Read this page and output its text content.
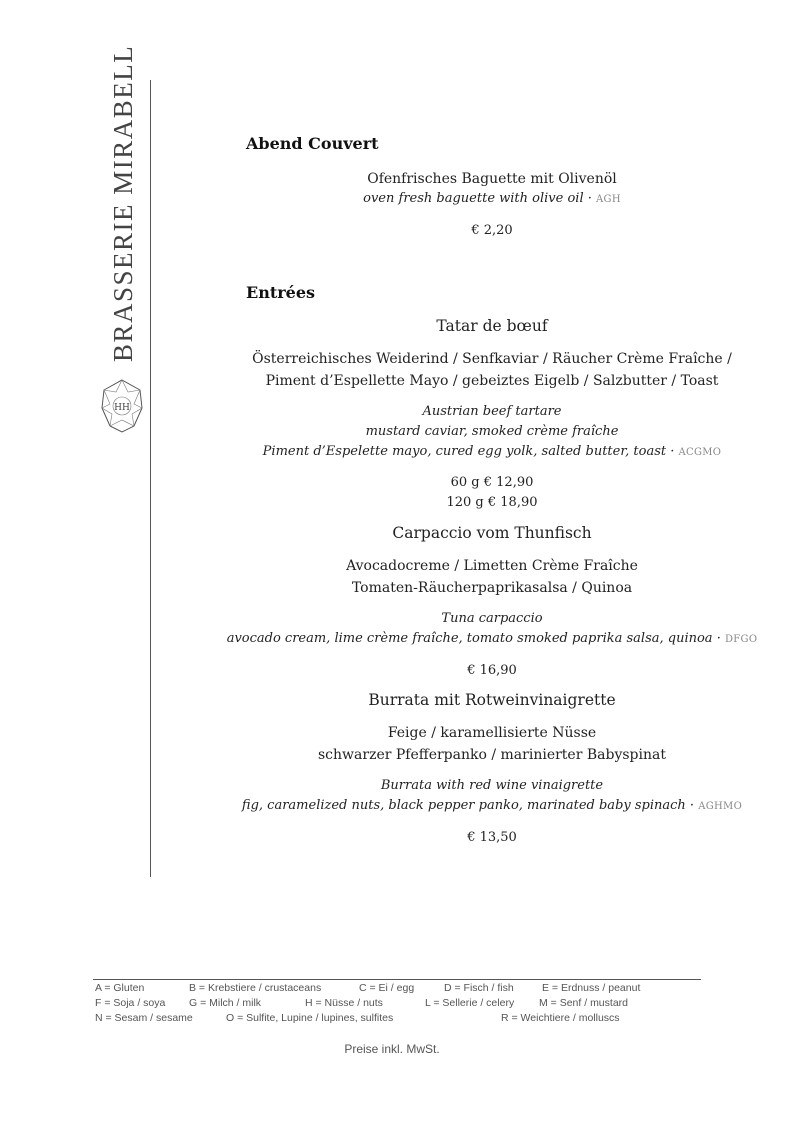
BRASSERIE MIRABELL
HH
Abend Couvert

Ofenfrisches Baguette mit Olivenöl

oven fresh baguette with olive oil · AGH

€ 2,20

Entrées

Tatar de bœuf

Österreichisches Weiderind / Senfkaviar / Räucher Crème Fraîche /

Piment d’Espellette Mayo / gebeiztes Eigelb / Salzbutter / Toast

Austrian beef tartare

mustard caviar, smoked crème fraîche

Piment d’Espelette mayo, cured egg yolk, salted butter, toast · ACGMO

60 g € 12,90

120 g € 18,90

Carpaccio vom Thunfisch

Avocadocreme / Limetten Crème Fraîche

Tomaten-Räucherpaprikasalsa / Quinoa

Tuna carpaccio

avocado cream, lime crème fraîche, tomato smoked paprika salsa, quinoa · DFGO

€ 16,90

Burrata mit Rotweinvinaigrette

Feige / karamellisierte Nüsse

schwarzer Pfefferpanko / marinierter Babyspinat

Burrata with red wine vinaigrette

fig, caramelized nuts, black pepper panko, marinated baby spinach · AGHMO

€ 13,50

A = Gluten	B = Krebstiere / crustaceans	C = Ei / egg	D = Fisch / fish	E = Erdnuss / peanut
F = Soja / soya G = Milch / milk	H = Nüsse / nuts	L = Sellerie / celery M = Senf / mustard
N = Sesam / sesame	O = Sulfite, Lupine / lupines, sulfites	R = Weichtiere / molluscs
Preise inkl. MwSt.
